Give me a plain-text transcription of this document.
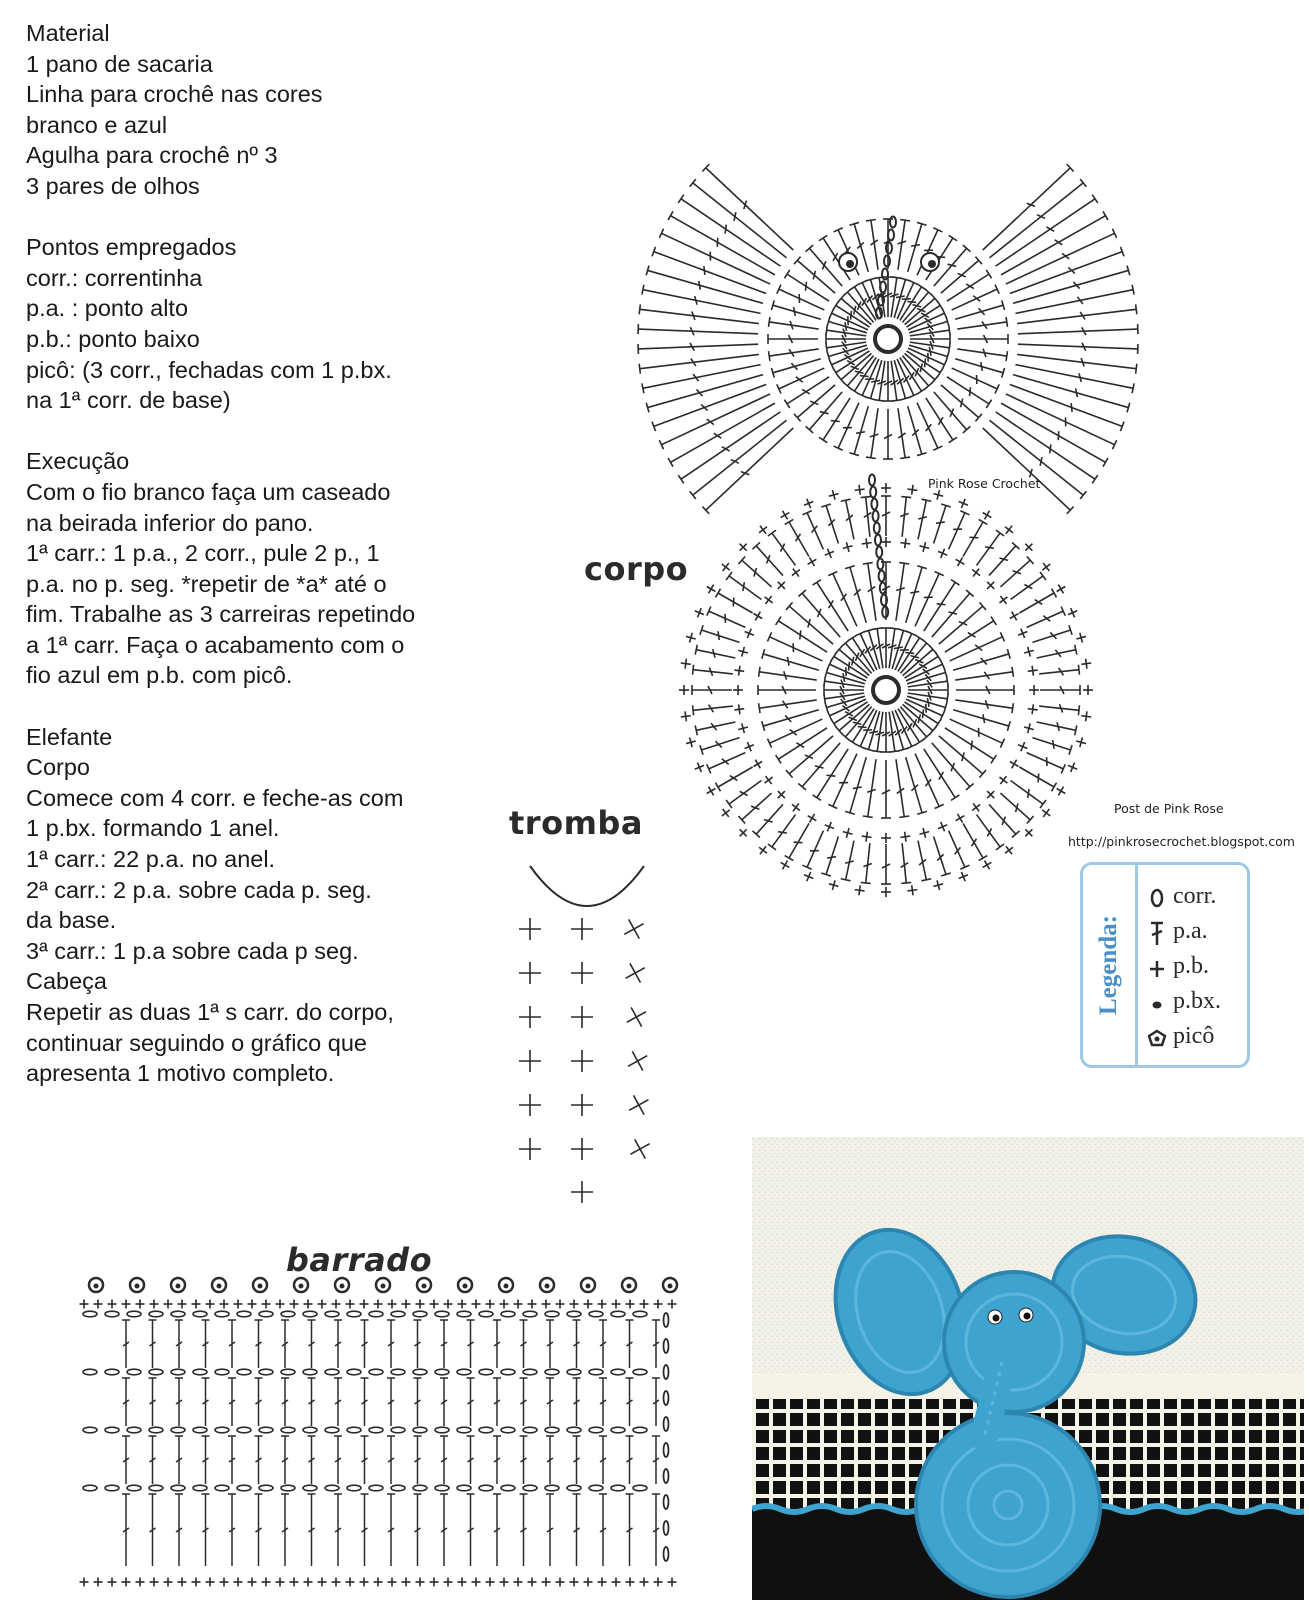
Material
1 pano de sacaria
Linha para crochê nas cores
branco e azul
Agulha para crochê nº 3
3 pares de olhos
Pontos empregados
corr.: correntinha
p.a. : ponto alto
p.b.: ponto baixo
picô: (3 corr., fechadas com 1 p.bx.
na 1ª corr. de base)
Execução
Com o fio branco faça um caseado
na beirada inferior do pano.
1ª carr.: 1 p.a., 2 corr., pule 2 p., 1
p.a. no p. seg. *repetir de *a* até o
fim. Trabalhe as 3 carreiras repetindo
a 1ª carr. Faça o acabamento com o
fio azul em p.b. com picô.
Elefante
Corpo
Comece com 4 corr. e feche-as com
1 p.bx. formando 1 anel.
1ª carr.: 22 p.a. no anel.
2ª carr.: 2 p.a. sobre cada p. seg.
da base.
3ª carr.: 1 p.a sobre cada p seg.
Cabeça
Repetir as duas 1ª s carr. do corpo,
continuar seguindo o gráfico que
apresenta 1 motivo completo.
Pink Rose Crochet
corpo
tromba
barrado
Post de Pink Rose
http://pinkrosecrochet.blogspot.com
Legenda:
corr.
p.a.
p.b.
p.bx.
picô
